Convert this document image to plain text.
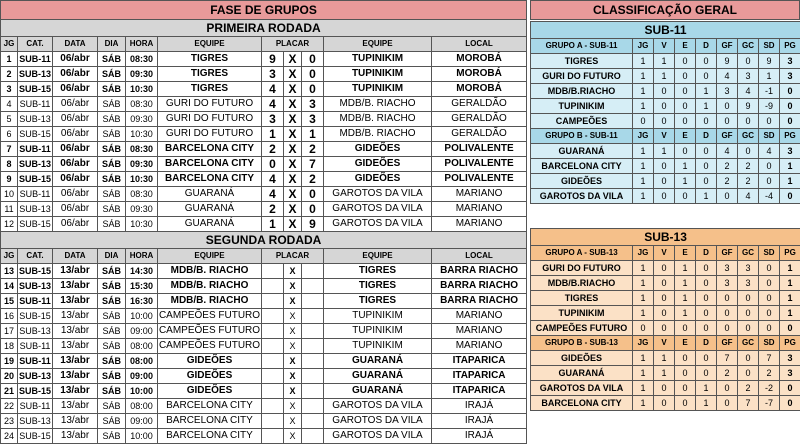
FASE DE GRUPOS										
PRIMEIRA RODADA										
JG	CAT.	DATA	DIA	HORA	EQUIPE	PLACAR			EQUIPE	LOCAL
1	SUB-11	06/abr	SÁB	08:30	TIGRES	9	X	0	TUPINIKIM	MOROBÁ
2	SUB-13	06/abr	SÁB	09:30	TIGRES	3	X	0	TUPINIKIM	MOROBÁ
3	SUB-15	06/abr	SÁB	10:30	TIGRES	4	X	0	TUPINIKIM	MOROBÁ
4	SUB-11	06/abr	SÁB	08:30	GURI DO FUTURO	4	X	3	MDB/B. RIACHO	GERALDÃO
5	SUB-13	06/abr	SÁB	09:30	GURI DO FUTURO	3	X	3	MDB/B. RIACHO	GERALDÃO
6	SUB-15	06/abr	SÁB	10:30	GURI DO FUTURO	1	X	1	MDB/B. RIACHO	GERALDÃO
7	SUB-11	06/abr	SÁB	08:30	BARCELONA CITY	2	X	2	GIDEÕES	POLIVALENTE
8	SUB-13	06/abr	SÁB	09:30	BARCELONA CITY	0	X	7	GIDEÕES	POLIVALENTE
9	SUB-15	06/abr	SÁB	10:30	BARCELONA CITY	4	X	2	GIDEÕES	POLIVALENTE
10	SUB-11	06/abr	SÁB	08:30	GUARANÁ	4	X	0	GAROTOS DA VILA	MARIANO
11	SUB-13	06/abr	SÁB	09:30	GUARANÁ	2	X	0	GAROTOS DA VILA	MARIANO
12	SUB-15	06/abr	SÁB	10:30	GUARANÁ	1	X	9	GAROTOS DA VILA	MARIANO
SEGUNDA RODADA										
JG	CAT.	DATA	DIA	HORA	EQUIPE	PLACAR			EQUIPE	LOCAL
13	SUB-15	13/abr	SÁB	14:30	MDB/B. RIACHO		X		TIGRES	BARRA RIACHO
14	SUB-13	13/abr	SÁB	15:30	MDB/B. RIACHO		X		TIGRES	BARRA RIACHO
15	SUB-11	13/abr	SÁB	16:30	MDB/B. RIACHO		X		TIGRES	BARRA RIACHO
16	SUB-15	13/abr	SÁB	10:00	CAMPEÕES FUTURO		X		TUPINIKIM	MARIANO
17	SUB-13	13/abr	SÁB	09:00	CAMPEÕES FUTURO		X		TUPINIKIM	MARIANO
18	SUB-11	13/abr	SÁB	08:00	CAMPEÕES FUTURO		X		TUPINIKIM	MARIANO
19	SUB-11	13/abr	SÁB	08:00	GIDEÕES		X		GUARANÁ	ITAPARICA
20	SUB-13	13/abr	SÁB	09:00	GIDEÕES		X		GUARANÁ	ITAPARICA
21	SUB-15	13/abr	SÁB	10:00	GIDEÕES		X		GUARANÁ	ITAPARICA
22	SUB-11	13/abr	SÁB	08:00	BARCELONA CITY		X		GAROTOS DA VILA	IRAJÁ
23	SUB-13	13/abr	SÁB	09:00	BARCELONA CITY		X		GAROTOS DA VILA	IRAJÁ
24	SUB-15	13/abr	SÁB	10:00	BARCELONA CITY		X		GAROTOS DA VILA	IRAJÁ
CLASSIFICAÇÃO GERAL
SUB-11								
GRUPO A - SUB-11	JG	V	E	D	GF	GC	SD	PG
TIGRES	1	1	0	0	9	0	9	3
GURI DO FUTURO	1	1	0	0	4	3	1	3
MDB/B.RIACHO	1	0	0	1	3	4	-1	0
TUPINIKIM	1	0	0	1	0	9	-9	0
CAMPEÕES	0	0	0	0	0	0	0	0
GRUPO B - SUB-11	JG	V	E	D	GF	GC	SD	PG
GUARANÁ	1	1	0	0	4	0	4	3
BARCELONA CITY	1	0	1	0	2	2	0	1
GIDEÕES	1	0	1	0	2	2	0	1
GAROTOS DA VILA	1	0	0	1	0	4	-4	0
SUB-13								
GRUPO A - SUB-13	JG	V	E	D	GF	GC	SD	PG
GURI DO FUTURO	1	0	1	0	3	3	0	1
MDB/B.RIACHO	1	0	1	0	3	3	0	1
TIGRES	1	0	1	0	0	0	0	1
TUPINIKIM	1	0	1	0	0	0	0	1
CAMPEÕES FUTURO	0	0	0	0	0	0	0	0
GRUPO B - SUB-13	JG	V	E	D	GF	GC	SD	PG
GIDEÕES	1	1	0	0	7	0	7	3
GUARANÁ	1	1	0	0	2	0	2	3
GAROTOS DA VILA	1	0	0	1	0	2	-2	0
BARCELONA CITY	1	0	0	1	0	7	-7	0
